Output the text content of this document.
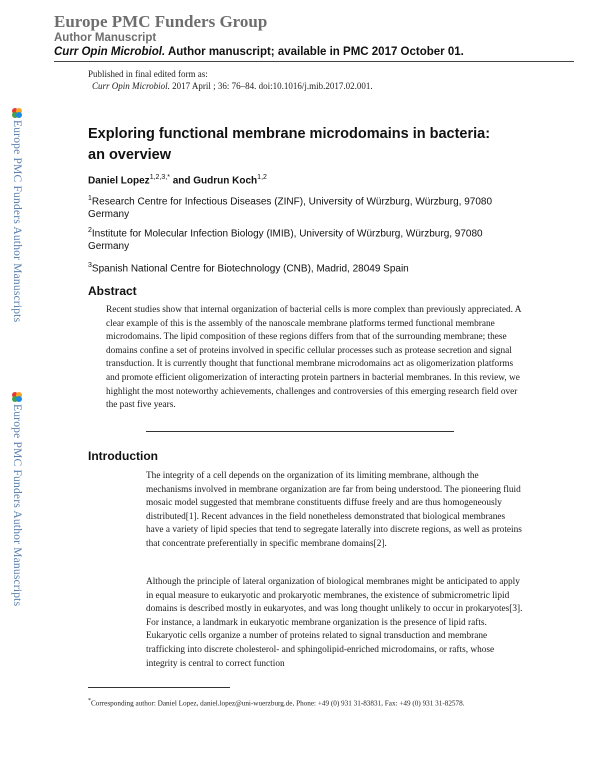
Europe PMC Funders Group
Author Manuscript
Curr Opin Microbiol. Author manuscript; available in PMC 2017 October 01.
Published in final edited form as:
Curr Opin Microbiol. 2017 April ; 36: 76–84. doi:10.1016/j.mib.2017.02.001.
Europe PMC Funders Author Manuscripts
Europe PMC Funders Author Manuscripts
Exploring functional membrane microdomains in bacteria: an overview
Daniel Lopez$^{1,2,3,*}$ and Gudrun Koch$^{1,2}$
$^1$Research Centre for Infectious Diseases (ZINF), University of Würzburg, Würzburg, 97080 Germany
$^2$Institute for Molecular Infection Biology (IMIB), University of Würzburg, Würzburg, 97080 Germany
$^3$Spanish National Centre for Biotechnology (CNB), Madrid, 28049 Spain
Abstract
Recent studies show that internal organization of bacterial cells is more complex than previously appreciated. A clear example of this is the assembly of the nanoscale membrane platforms termed functional membrane microdomains. The lipid composition of these regions differs from that of the surrounding membrane; these domains confine a set of proteins involved in specific cellular processes such as protease secretion and signal transduction. It is currently thought that functional membrane microdomains act as oligomerization platforms and promote efficient oligomerization of interacting protein partners in bacterial membranes. In this review, we highlight the most noteworthy achievements, challenges and controversies of this emerging research field over the past five years.
Introduction
The integrity of a cell depends on the organization of its limiting membrane, although the mechanisms involved in membrane organization are far from being understood. The pioneering fluid mosaic model suggested that membrane constituents diffuse freely and are thus homogeneously distributed[1]. Recent advances in the field nonetheless demonstrated that biological membranes have a variety of lipid species that tend to segregate laterally into discrete regions, as well as proteins that concentrate preferentially in specific membrane domains[2].
Although the principle of lateral organization of biological membranes might be anticipated to apply in equal measure to eukaryotic and prokaryotic membranes, the existence of submicrometric lipid domains is described mostly in eukaryotes, and was long thought unlikely to occur in prokaryotes[3]. For instance, a landmark in eukaryotic membrane organization is the presence of lipid rafts. Eukaryotic cells organize a number of proteins related to signal transduction and membrane trafficking into discrete cholesterol- and sphingolipid-enriched microdomains, or rafts, whose integrity is central to correct function
*Corresponding author: Daniel Lopez, daniel.lopez@uni-wuerzburg.de, Phone: +49 (0) 931 31-83831, Fax: +49 (0) 931 31-82578.
